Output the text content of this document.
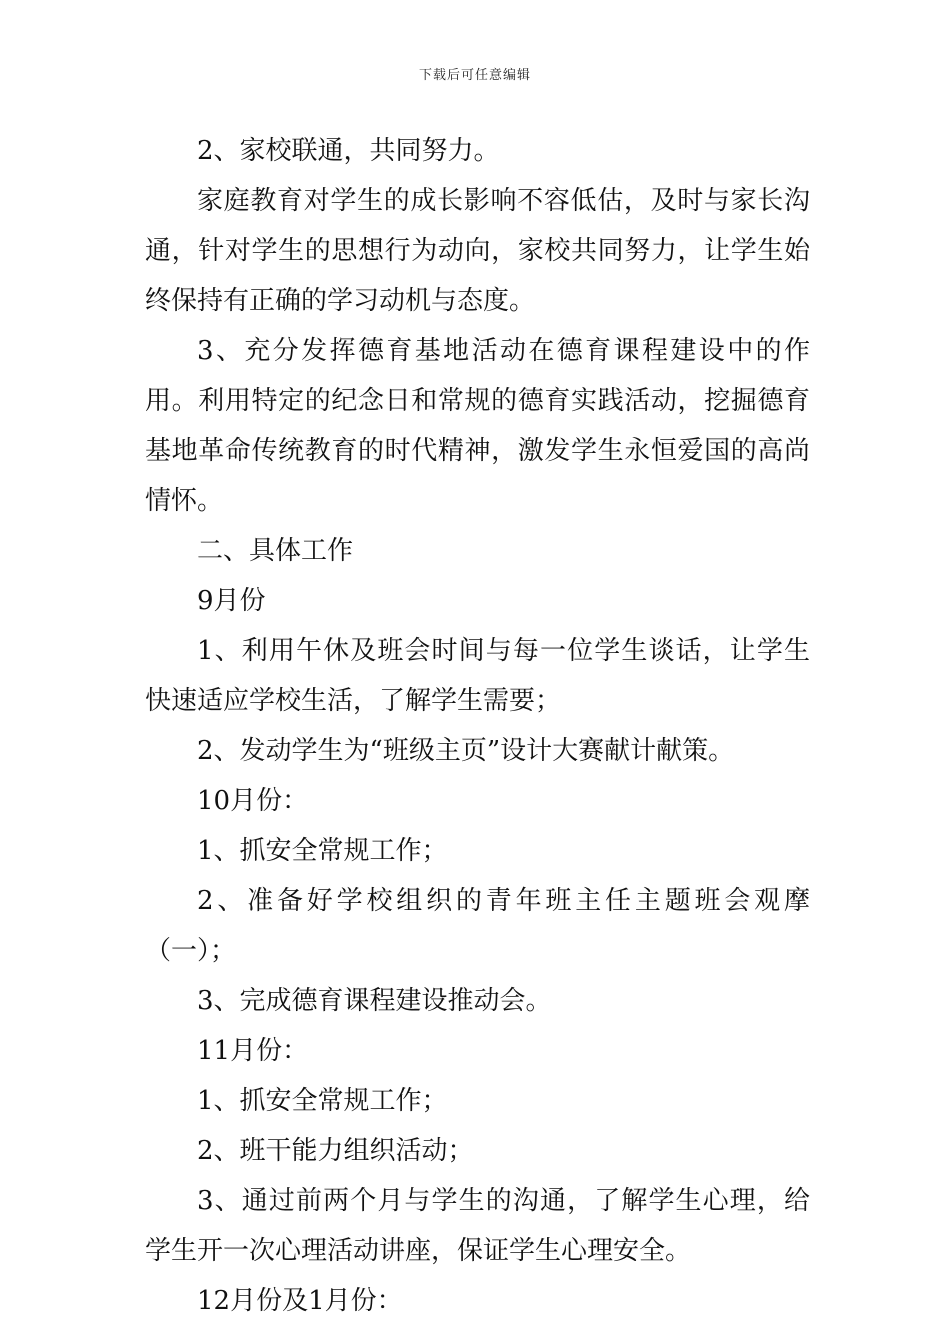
下载后可任意编辑

2、家校联通，共同努力。

家庭教育对学生的成长影响不容低估，及时与家长沟通，针对学生的思想行为动向，家校共同努力，让学生始终保持有正确的学习动机与态度。

3、充分发挥德育基地活动在德育课程建设中的作用。利用特定的纪念日和常规的德育实践活动，挖掘德育基地革命传统教育的时代精神，激发学生永恒爱国的高尚情怀。

二、具体工作

9月份

1、利用午休及班会时间与每一位学生谈话，让学生快速适应学校生活，了解学生需要；

2、发动学生为“班级主页”设计大赛献计献策。

10月份：

1、抓安全常规工作；

2、准备好学校组织的青年班主任主题班会观摩（一）；

3、完成德育课程建设推动会。

11月份：

1、抓安全常规工作；

2、班干能力组织活动；

3、通过前两个月与学生的沟通，了解学生心理，给学生开一次心理活动讲座，保证学生心理安全。

12月份及1月份：
